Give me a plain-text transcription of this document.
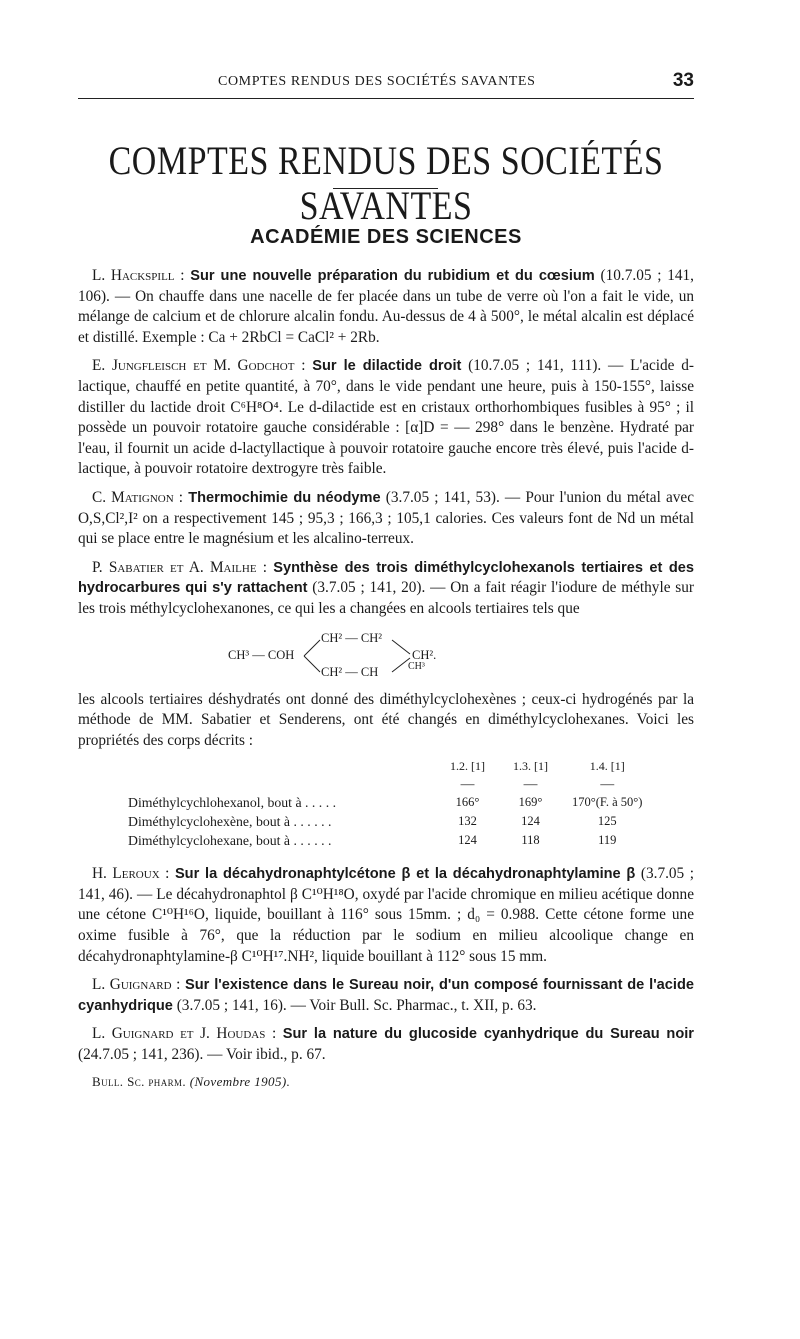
COMPTES RENDUS DES SOCIÉTÉS SAVANTES	33
COMPTES RENDUS DES SOCIÉTÉS SAVANTES
ACADÉMIE DES SCIENCES

L. Hackspill : Sur une nouvelle préparation du rubidium et du cœsium (10.7.05 ; 141, 106). — On chauffe dans une nacelle de fer placée dans un tube de verre où l'on a fait le vide, un mélange de calcium et de chlorure alcalin fondu. Au-dessus de 4 à 500°, le métal alcalin est déplacé et distillé. Exemple : Ca + 2RbCl = CaCl² + 2Rb.

E. Jungfleisch et M. Godchot : Sur le dilactide droit (10.7.05 ; 141, 111). — L'acide d-lactique, chauffé en petite quantité, à 70°, dans le vide pendant une heure, puis à 150-155°, laisse distiller du lactide droit C⁶H⁸O⁴. Le d-dilactide est en cristaux orthorhombiques fusibles à 95° ; il possède un pouvoir rotatoire gauche considérable : [α]D = — 298° dans le benzène. Hydraté par l'eau, il fournit un acide d-lactyllactique à pouvoir rotatoire gauche encore très élevé, puis l'acide d-lactique, à pouvoir rotatoire dextrogyre très faible.

C. Matignon : Thermochimie du néodyme (3.7.05 ; 141, 53). — Pour l'union du métal avec O,S,Cl²,I² on a respectivement 145 ; 95,3 ; 166,3 ; 105,1 calories. Ces valeurs font de Nd un métal qui se place entre le magnésium et les alcalino-terreux.

P. Sabatier et A. Mailhe : Synthèse des trois diméthylcyclohexanols tertiaires et des hydrocarbures qui s'y rattachent (3.7.05 ; 141, 20). — On a fait réagir l'iodure de méthyle sur les trois méthylcyclohexanones, ce qui les a changées en alcools tertiaires tels que

CH³ — COH
CH² — CH²
CH² — CH
CH².
CH³

les alcools tertiaires déshydratés ont donné des diméthylcyclohexènes ; ceux-ci hydrogénés par la méthode de MM. Sabatier et Senderens, ont été changés en diméthylcyclohexanes. Voici les propriétés des corps décrits :

	1.2. [1]	1.3. [1]	1.4. [1]
	—	—	—
Diméthylcychlohexanol, bout à . . . . .	166°	169°	170°(F. à 50°)
Diméthylcyclohexène, bout à . . . . . .	132	124	125
Diméthylcyclohexane, bout à . . . . . .	124	118	119

H. Leroux : Sur la décahydronaphtylcétone β et la décahydronaphtylamine β (3.7.05 ; 141, 46). — Le décahydronaphtol β C¹⁰H¹⁸O, oxydé par l'acide chromique en milieu acétique donne une cétone C¹⁰H¹⁶O, liquide, bouillant à 116° sous 15mm. ; d₀ = 0.988. Cette cétone forme une oxime fusible à 76°, que la réduction par le sodium en milieu alcoolique change en décahydronaphtylamine-β C¹⁰H¹⁷.NH², liquide bouillant à 112° sous 15 mm.

L. Guignard : Sur l'existence dans le Sureau noir, d'un composé fournissant de l'acide cyanhydrique (3.7.05 ; 141, 16). — Voir Bull. Sc. Pharmac., t. XII, p. 63.

L. Guignard et J. Houdas : Sur la nature du glucoside cyanhydrique du Sureau noir (24.7.05 ; 141, 236). — Voir ibid., p. 67.

Bull. Sc. pharm. (Novembre 1905).
